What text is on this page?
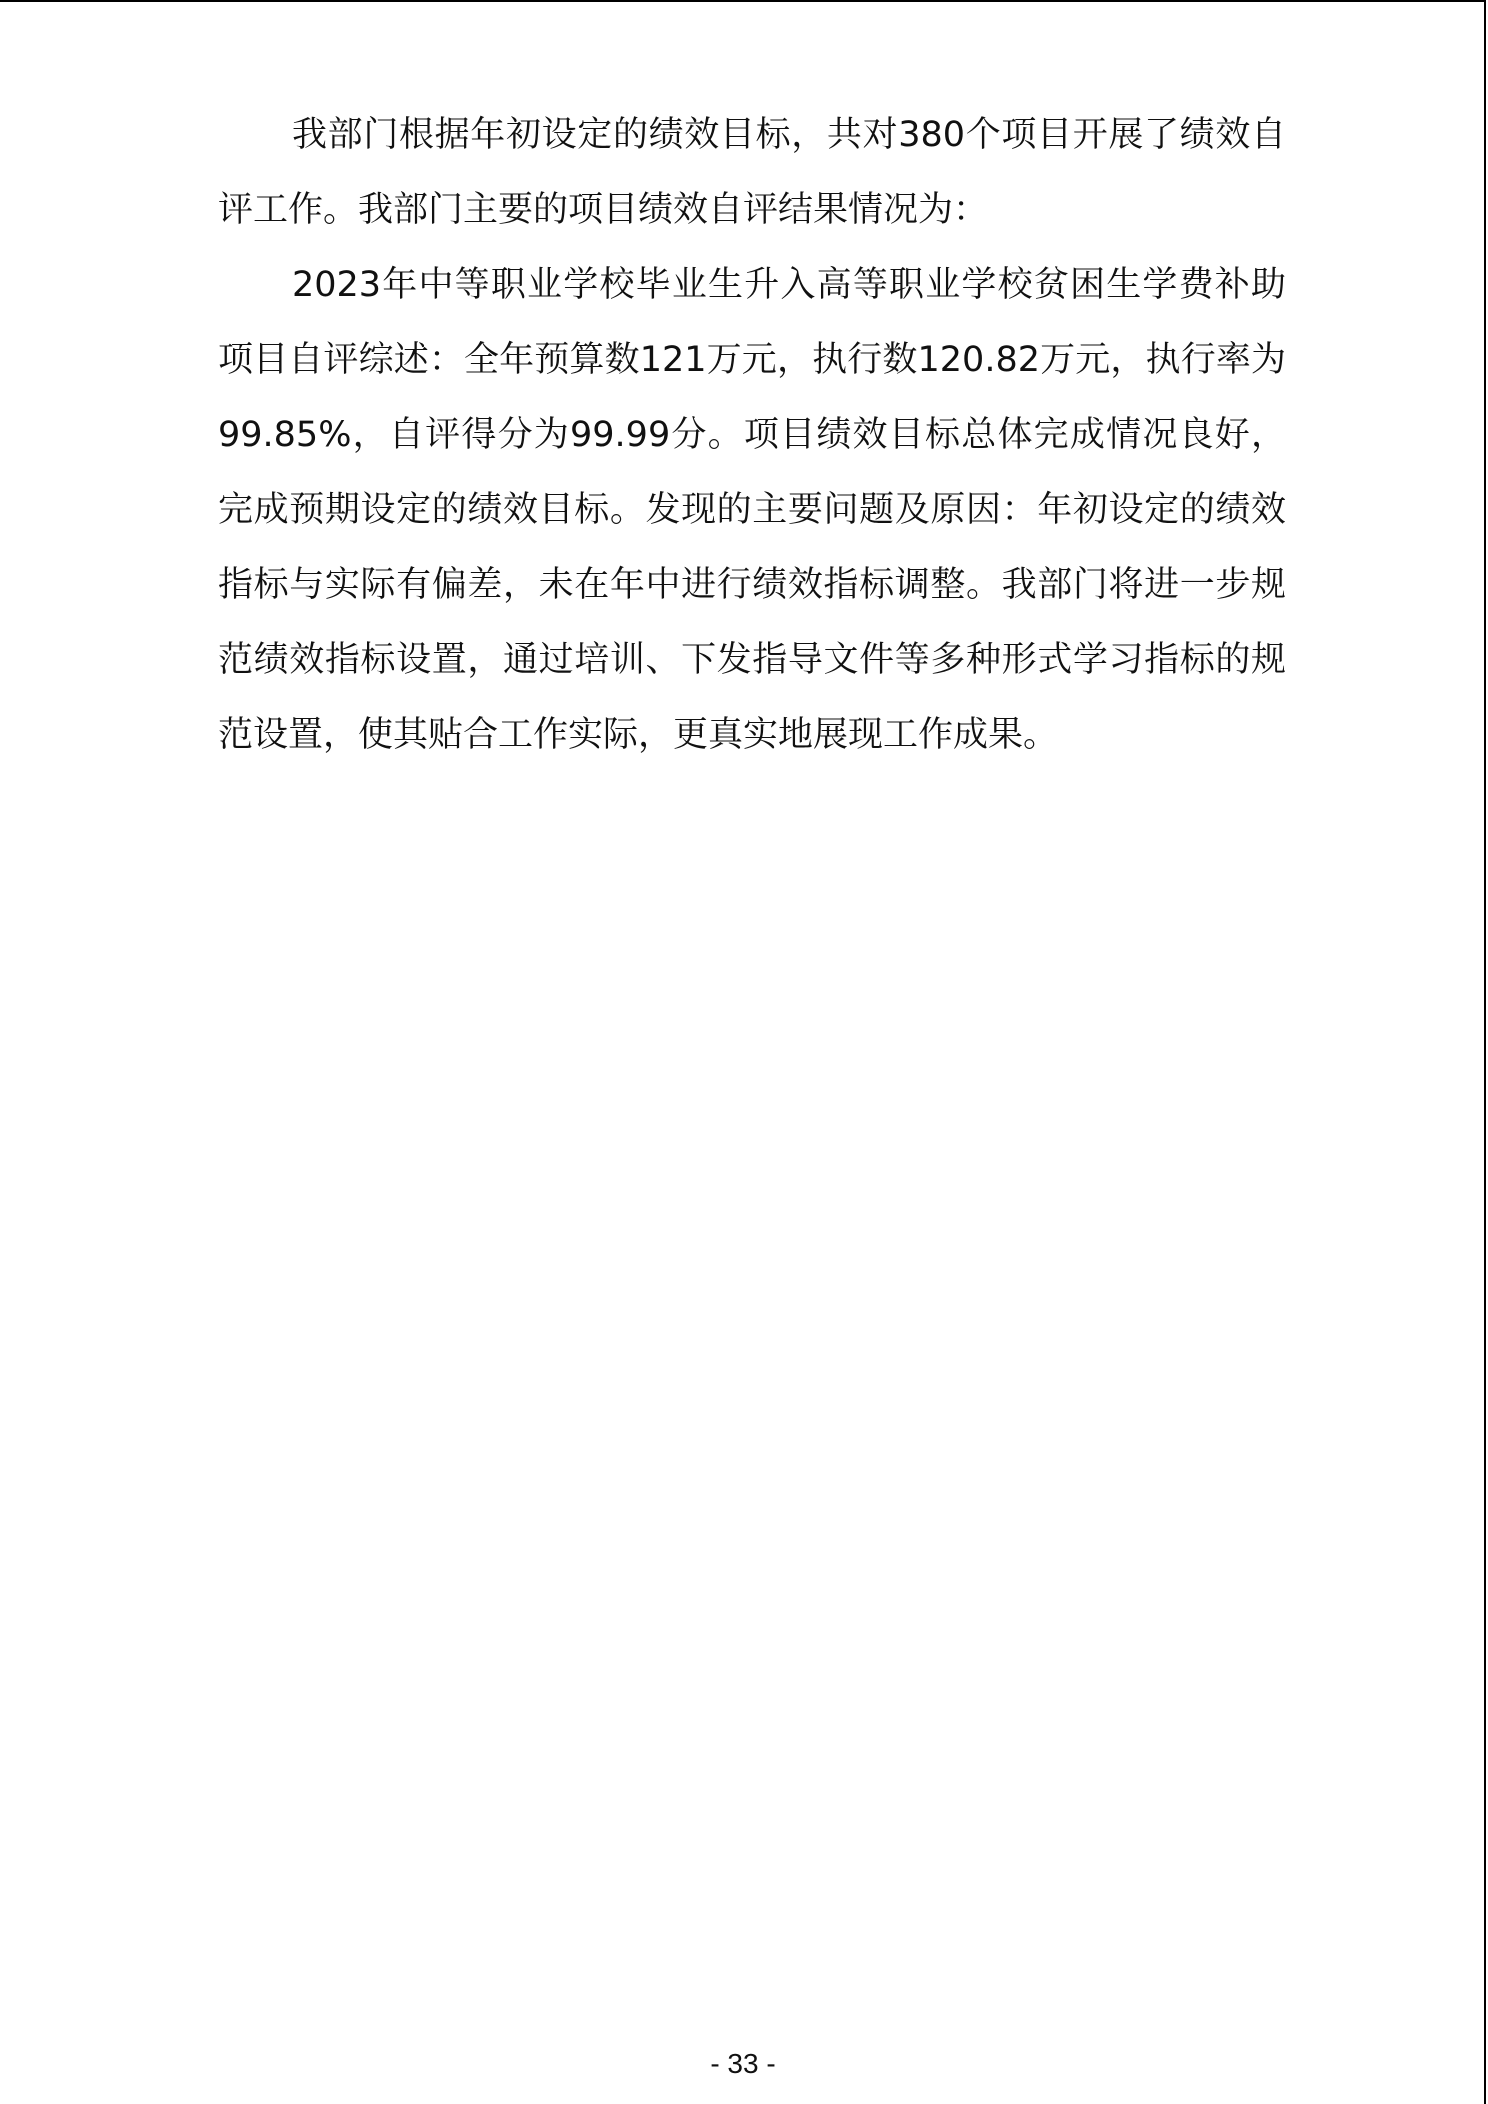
我部门根据年初设定的绩效目标，共对380个项目开展了绩效自评工作。我部门主要的项目绩效自评结果情况为：

2023年中等职业学校毕业生升入高等职业学校贫困生学费补助项目自评综述：全年预算数121万元，执行数120.82万元，执行率为99.85%，自评得分为99.99分。项目绩效目标总体完成情况良好，完成预期设定的绩效目标。发现的主要问题及原因：年初设定的绩效指标与实际有偏差，未在年中进行绩效指标调整。我部门将进一步规范绩效指标设置，通过培训、下发指导文件等多种形式学习指标的规范设置，使其贴合工作实际，更真实地展现工作成果。

- 33 -
